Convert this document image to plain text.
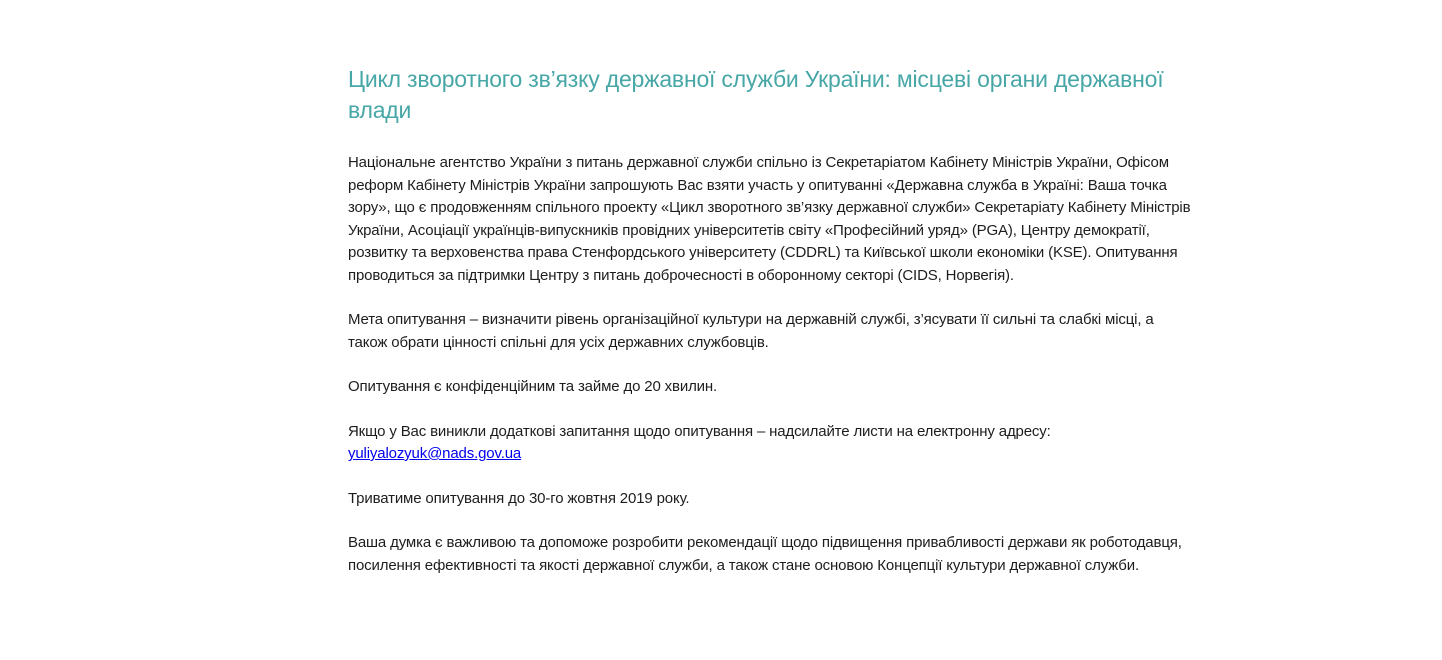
Цикл зворотного зв’язку державної служби України: місцеві органи державної влади

Національне агентство України з питань державної служби спільно із Секретаріатом Кабінету Міністрів України, Офісом реформ Кабінету Міністрів України запрошують Вас взяти участь у опитуванні «Державна служба в Україні: Ваша точка зору», що є продовженням спільного проекту «Цикл зворотного зв’язку державної служби» Секретаріату Кабінету Міністрів України, Асоціації українців-випускників провідних університетів світу «Професійний уряд» (PGA), Центру демократії, розвитку та верховенства права Стенфордського університету (CDDRL) та Київської школи економіки (KSE). Опитування проводиться за підтримки Центру з питань доброчесності в оборонному секторі (CIDS, Норвегія).

Мета опитування – визначити рівень організаційної культури на державній службі, з’ясувати її сильні та слабкі місці, а також обрати цінності спільні для усіх державних службовців.

Опитування є конфіденційним та займе до 20 хвилин.

Якщо у Вас виникли додаткові запитання щодо опитування – надсилайте листи на електронну адресу:
yuliyalozyuk@nads.gov.ua

Триватиме опитування до 30-го жовтня 2019 року.

Ваша думка є важливою та допоможе розробити рекомендації щодо підвищення привабливості держави як роботодавця, посилення ефективності та якості державної служби, а також стане основою Концепції культури державної служби.
